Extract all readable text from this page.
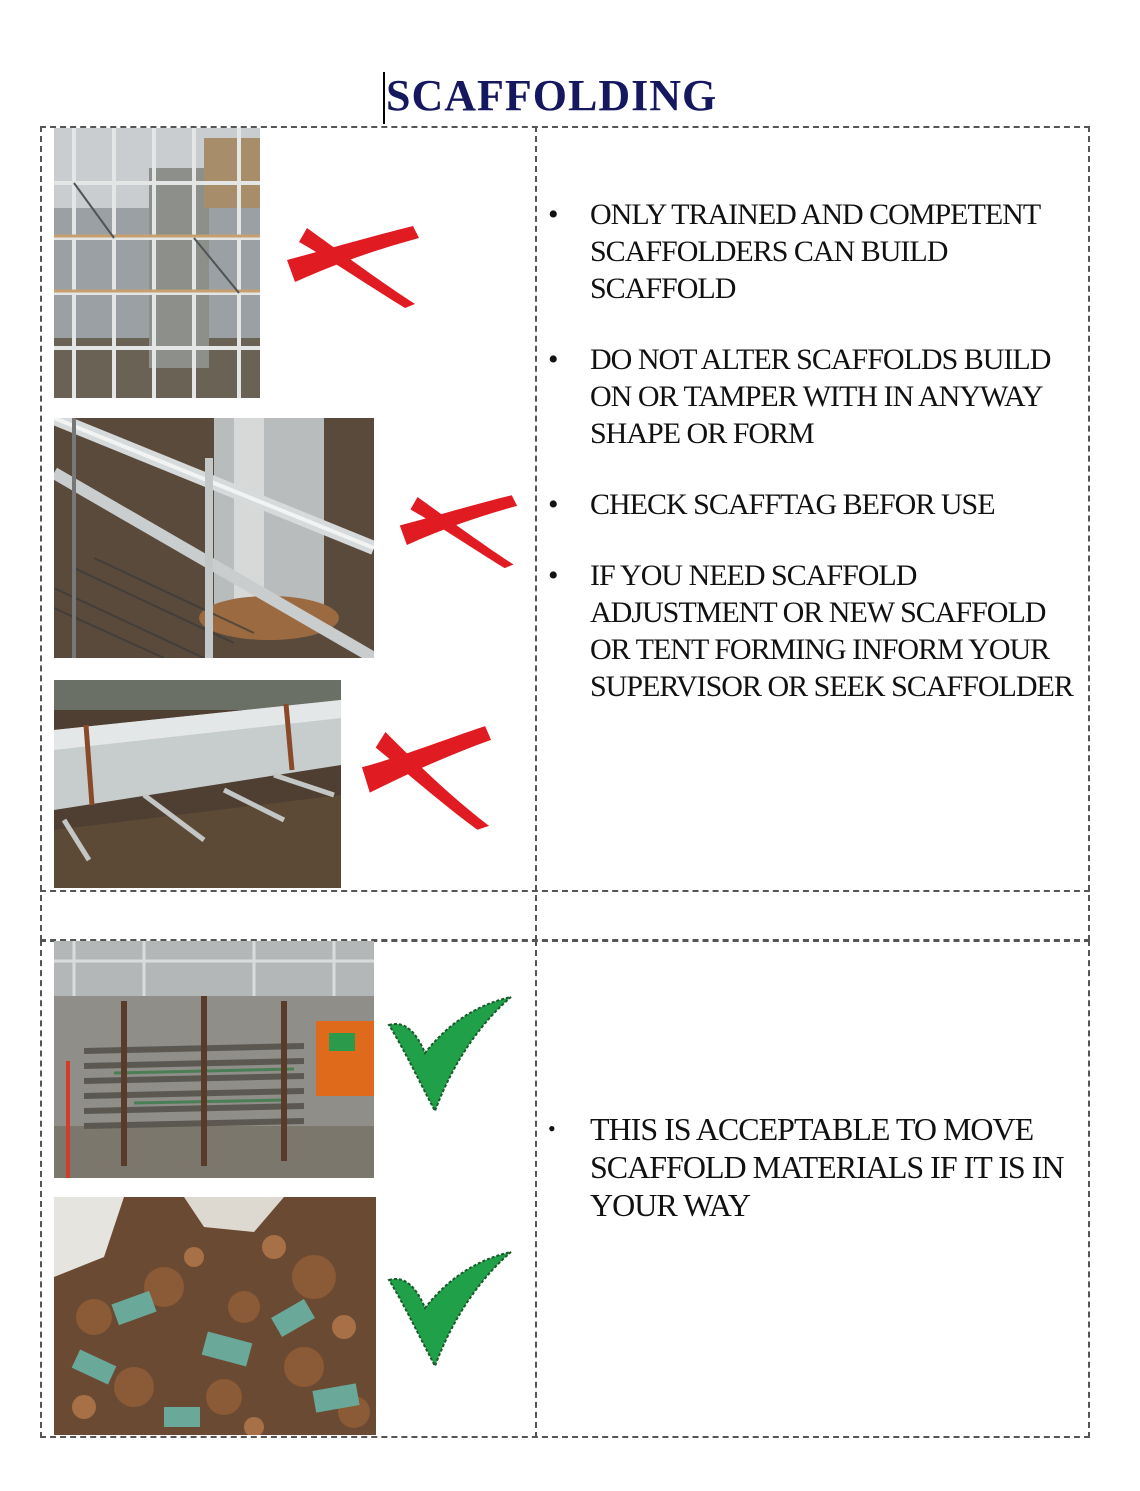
SCAFFOLDING
• ONLY TRAINED AND COMPETENT SCAFFOLDERS CAN BUILD SCAFFOLD
• DO NOT ALTER SCAFFOLDS BUILD ON OR TAMPER WITH IN ANYWAY SHAPE OR FORM
• CHECK SCAFFTAG BEFOR USE
• IF YOU NEED SCAFFOLD ADJUSTMENT OR NEW SCAFFOLD OR TENT FORMING INFORM YOUR SUPERVISOR OR SEEK SCAFFOLDER
• THIS IS ACCEPTABLE TO MOVE SCAFFOLD MATERIALS IF IT IS IN YOUR WAY
